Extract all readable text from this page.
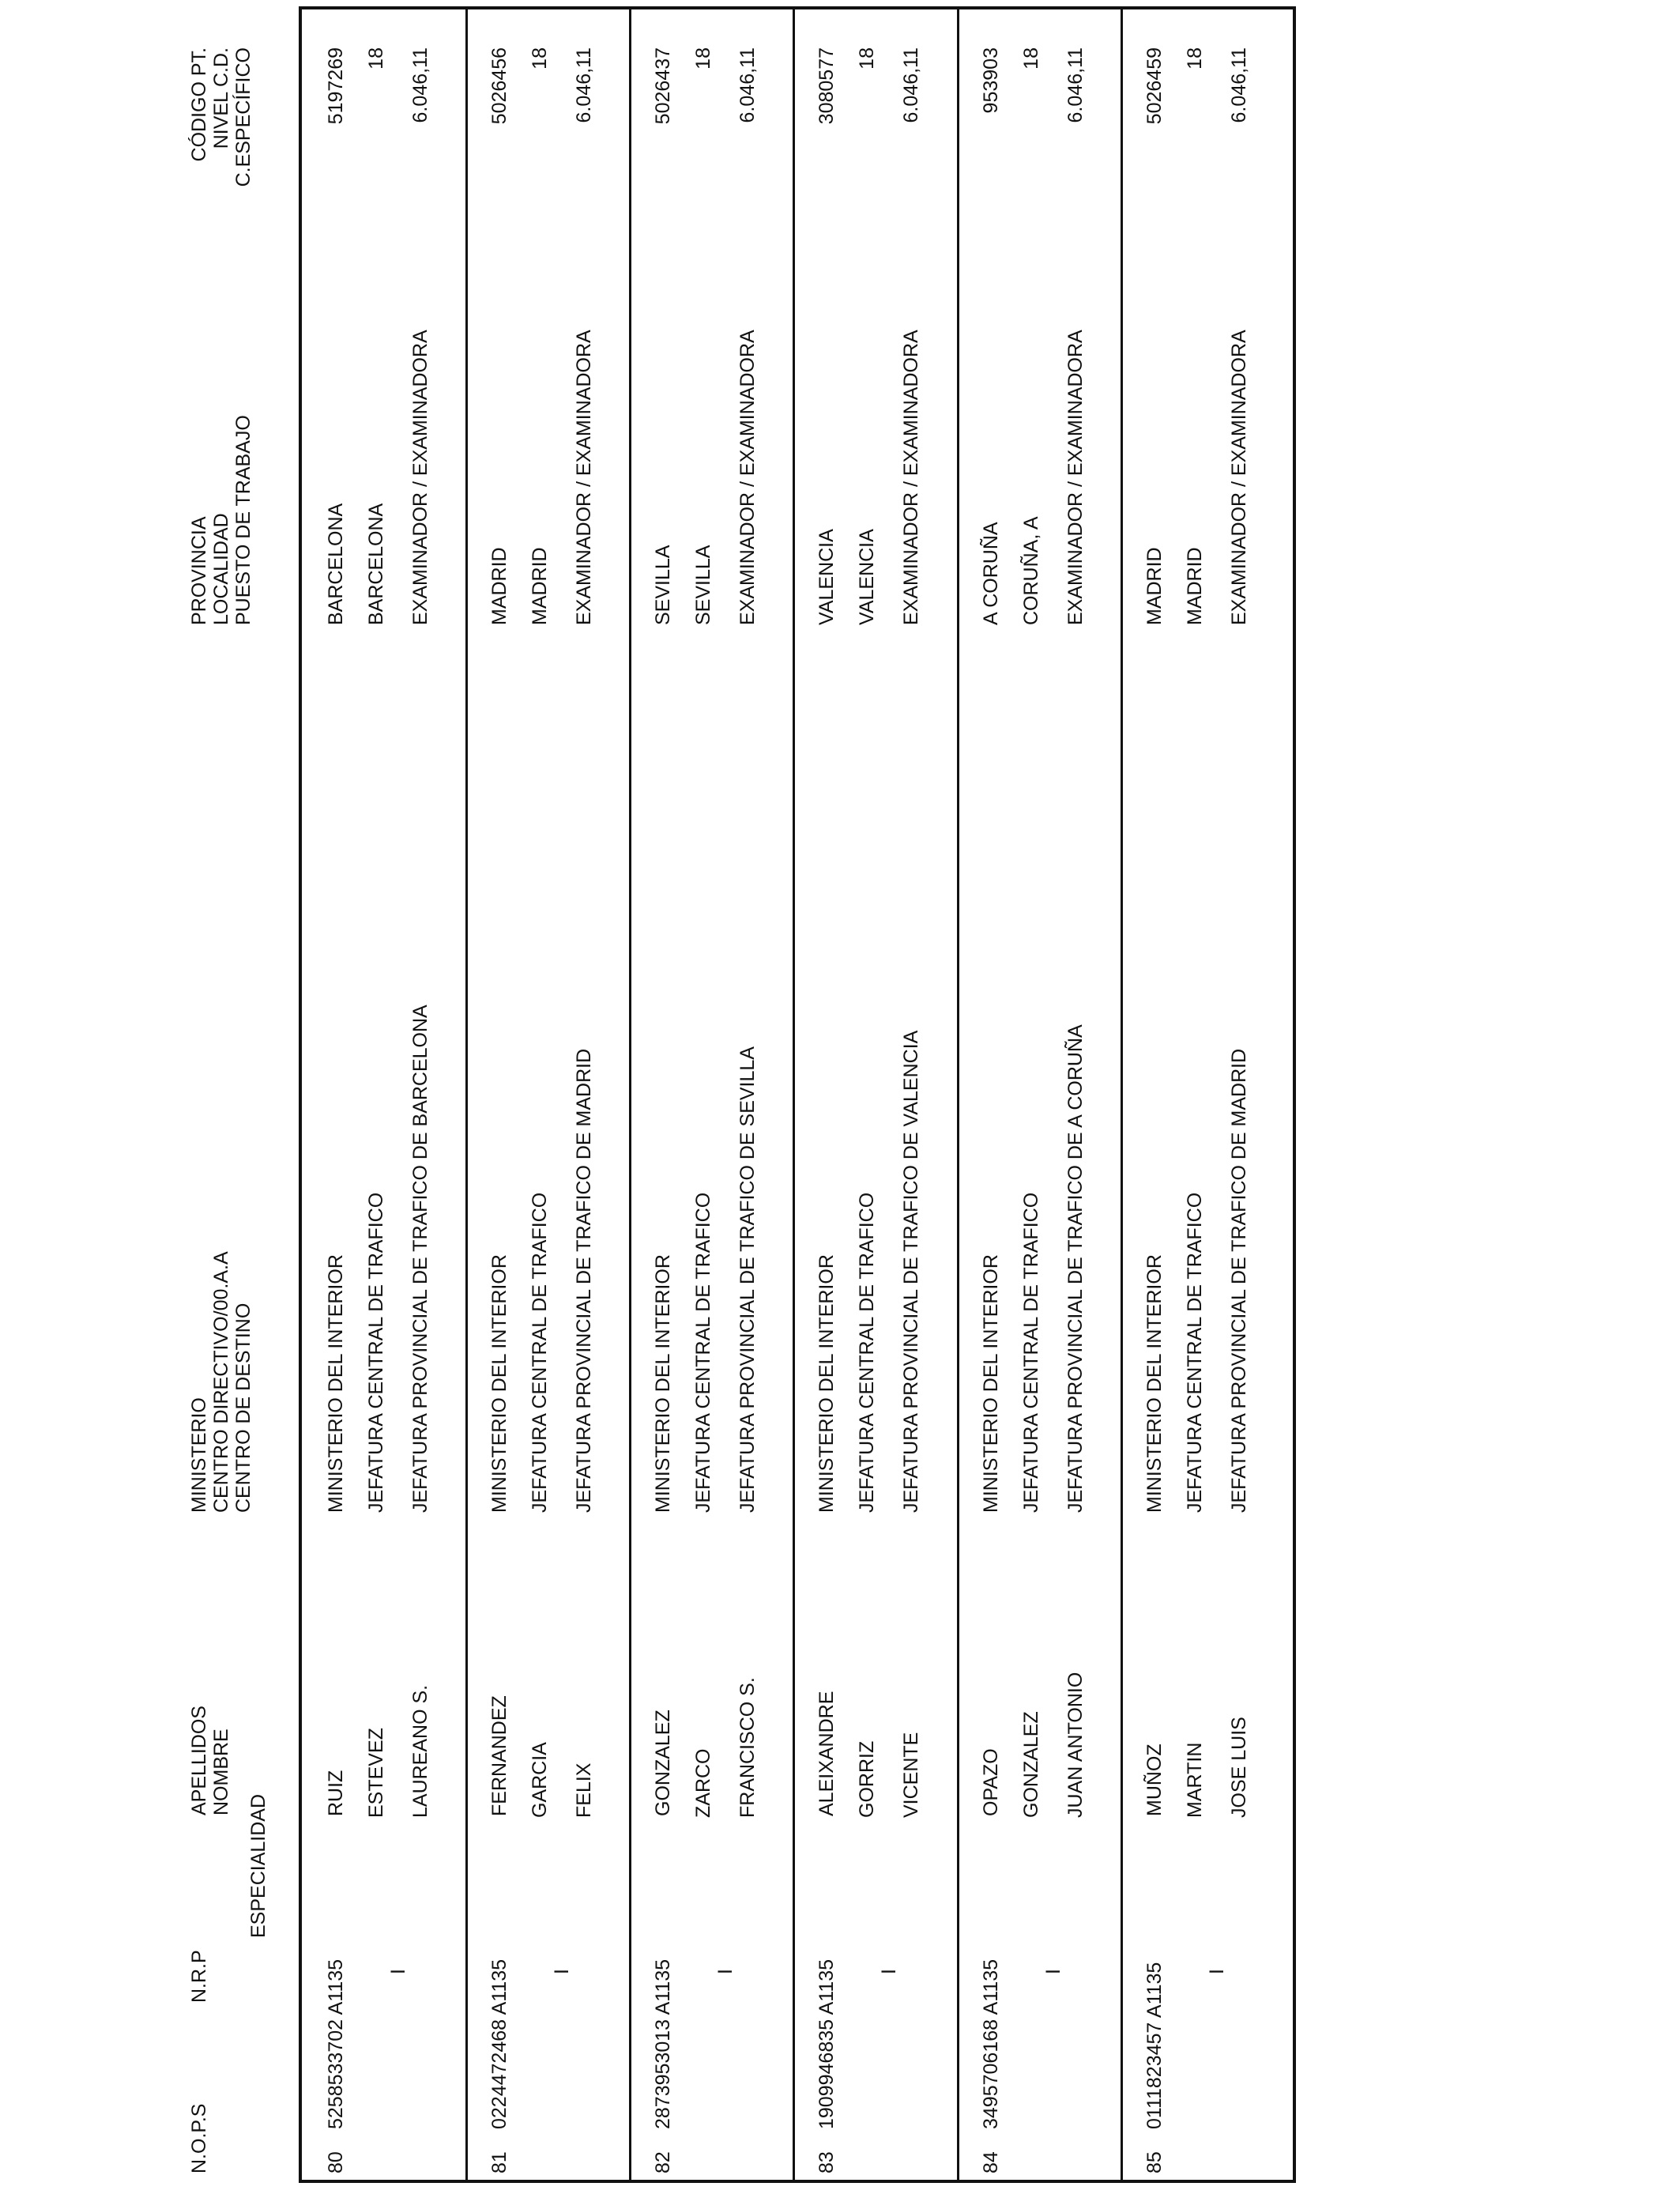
N.O.P.S
N.R.P
ESPECIALIDAD
APELLIDOS NOMBRE
MINISTERIO CENTRO DIRECTIVO/00.A.A CENTRO DE DESTINO
PROVINCIA LOCALIDAD PUESTO DE TRABAJO
CÓDIGO PT. NIVEL C.D. C.ESPECÍFICO
80
5258533702 A1135
RUIZ
MINISTERIO DEL INTERIOR
BARCELONA
5197269
ESTEVEZ
JEFATURA CENTRAL DE TRAFICO
BARCELONA
18
I
LAUREANO S.
JEFATURA PROVINCIAL DE TRAFICO DE BARCELONA
EXAMINADOR / EXAMINADORA
6.046,11
81
0224472468 A1135
FERNANDEZ
MINISTERIO DEL INTERIOR
MADRID
5026456
GARCIA
JEFATURA CENTRAL DE TRAFICO
MADRID
18
I
FELIX
JEFATURA PROVINCIAL DE TRAFICO DE MADRID
EXAMINADOR / EXAMINADORA
6.046,11
82
2873953013 A1135
GONZALEZ
MINISTERIO DEL INTERIOR
SEVILLA
5026437
ZARCO
JEFATURA CENTRAL DE TRAFICO
SEVILLA
18
I
FRANCISCO S.
JEFATURA PROVINCIAL DE TRAFICO DE SEVILLA
EXAMINADOR / EXAMINADORA
6.046,11
83
1909946835 A1135
ALEIXANDRE
MINISTERIO DEL INTERIOR
VALENCIA
3080577
GORRIZ
JEFATURA CENTRAL DE TRAFICO
VALENCIA
18
I
VICENTE
JEFATURA PROVINCIAL DE TRAFICO DE VALENCIA
EXAMINADOR / EXAMINADORA
6.046,11
84
3495706168 A1135
OPAZO
MINISTERIO DEL INTERIOR
A CORUÑA
953903
GONZALEZ
JEFATURA CENTRAL DE TRAFICO
CORUÑA, A
18
I
JUAN ANTONIO
JEFATURA PROVINCIAL DE TRAFICO DE A CORUÑA
EXAMINADOR / EXAMINADORA
6.046,11
85
0111823457 A1135
MUÑOZ
MINISTERIO DEL INTERIOR
MADRID
5026459
MARTIN
JEFATURA CENTRAL DE TRAFICO
MADRID
18
I
JOSE LUIS
JEFATURA PROVINCIAL DE TRAFICO DE MADRID
EXAMINADOR / EXAMINADORA
6.046,11
